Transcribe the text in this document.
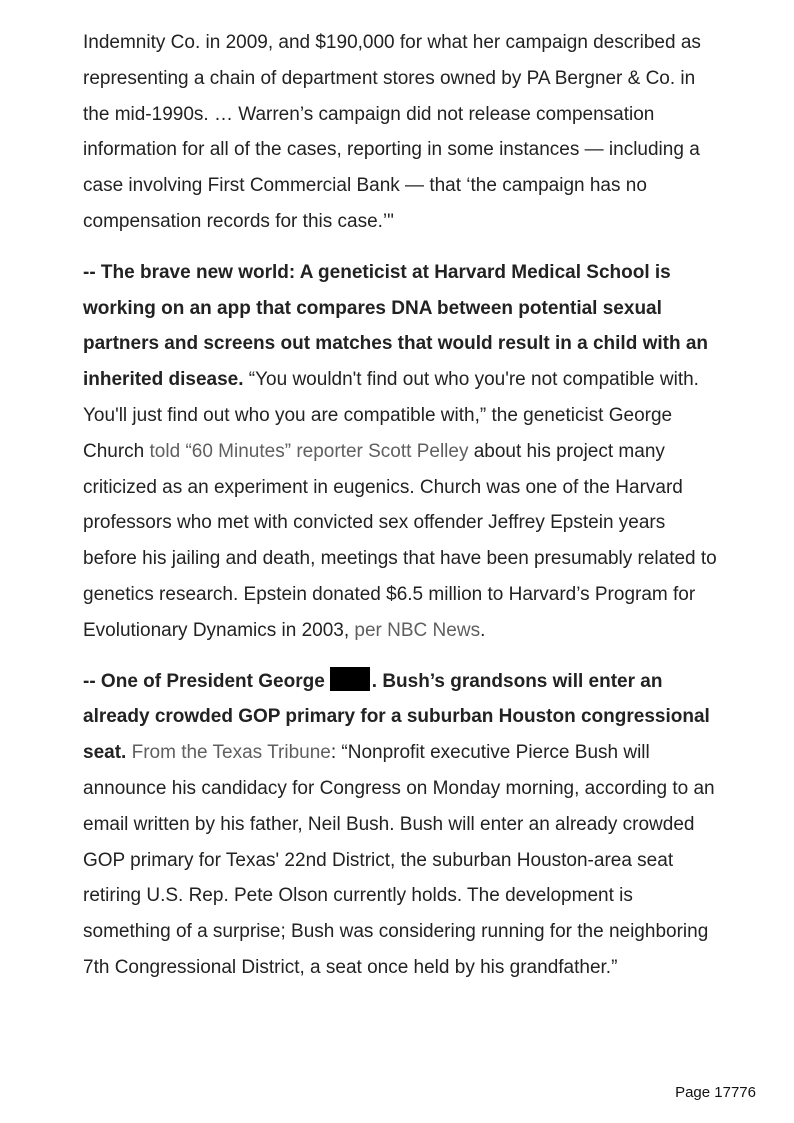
Indemnity Co. in 2009, and $190,000 for what her campaign described as representing a chain of department stores owned by PA Bergner & Co. in the mid-1990s. … Warren’s campaign did not release compensation information for all of the cases, reporting in some instances — including a case involving First Commercial Bank — that ‘the campaign has no compensation records for this case.’"

-- The brave new world: A geneticist at Harvard Medical School is working on an app that compares DNA between potential sexual partners and screens out matches that would result in a child with an inherited disease. “You wouldn't find out who you're not compatible with. You'll just find out who you are compatible with,” the geneticist George Church told “60 Minutes” reporter Scott Pelley about his project many criticized as an experiment in eugenics. Church was one of the Harvard professors who met with convicted sex offender Jeffrey Epstein years before his jailing and death, meetings that have been presumably related to genetics research. Epstein donated $6.5 million to Harvard’s Program for Evolutionary Dynamics in 2003, per NBC News.

-- One of President George . Bush’s grandsons will enter an already crowded GOP primary for a suburban Houston congressional seat. From the Texas Tribune: “Nonprofit executive Pierce Bush will announce his candidacy for Congress on Monday morning, according to an email written by his father, Neil Bush. Bush will enter an already crowded GOP primary for Texas' 22nd District, the suburban Houston-area seat retiring U.S. Rep. Pete Olson currently holds. The development is something of a surprise; Bush was considering running for the neighboring 7th Congressional District, a seat once held by his grandfather.”

Page 17776
